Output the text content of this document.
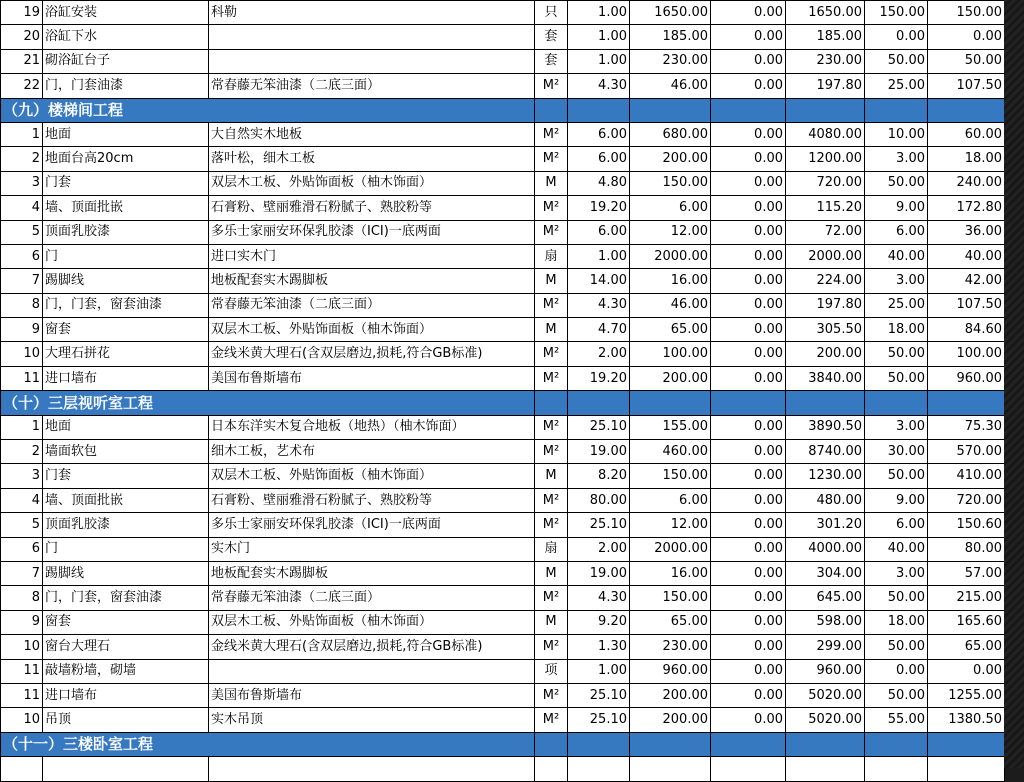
19	浴缸安装	科勒	只	1.00	1650.00	0.00	1650.00	150.00	150.00
20	浴缸下水		套	1.00	185.00	0.00	185.00	0.00	0.00
21	砌浴缸台子		套	1.00	230.00	0.00	230.00	50.00	50.00
22	门，门套油漆	常春藤无笨油漆（二底三面）	M²	4.30	46.00	0.00	197.80	25.00	107.50
（九）楼梯间工程									
1	地面	大自然实木地板	M²	6.00	680.00	0.00	4080.00	10.00	60.00
2	地面台高20cm	落叶松，细木工板	M²	6.00	200.00	0.00	1200.00	3.00	18.00
3	门套	双层木工板、外贴饰面板（柚木饰面）	M	4.80	150.00	0.00	720.00	50.00	240.00
4	墙、顶面批嵌	石膏粉、壁丽雅滑石粉腻子、熟胶粉等	M²	19.20	6.00	0.00	115.20	9.00	172.80
5	顶面乳胶漆	多乐士家丽安环保乳胶漆（ICI)一底两面	M²	6.00	12.00	0.00	72.00	6.00	36.00
6	门	进口实木门	扇	1.00	2000.00	0.00	2000.00	40.00	40.00
7	踢脚线	地板配套实木踢脚板	M	14.00	16.00	0.00	224.00	3.00	42.00
8	门，门套，窗套油漆	常春藤无笨油漆（二底三面）	M²	4.30	46.00	0.00	197.80	25.00	107.50
9	窗套	双层木工板、外贴饰面板（柚木饰面）	M	4.70	65.00	0.00	305.50	18.00	84.60
10	大理石拼花	金线米黄大理石(含双层磨边,损耗,符合GB标准)	M²	2.00	100.00	0.00	200.00	50.00	100.00
11	进口墙布	美国布鲁斯墙布	M²	19.20	200.00	0.00	3840.00	50.00	960.00
（十）三层视听室工程									
1	地面	日本东洋实木复合地板（地热）（柚木饰面）	M²	25.10	155.00	0.00	3890.50	3.00	75.30
2	墙面软包	细木工板，艺术布	M²	19.00	460.00	0.00	8740.00	30.00	570.00
3	门套	双层木工板、外贴饰面板（柚木饰面）	M	8.20	150.00	0.00	1230.00	50.00	410.00
4	墙、顶面批嵌	石膏粉、壁丽雅滑石粉腻子、熟胶粉等	M²	80.00	6.00	0.00	480.00	9.00	720.00
5	顶面乳胶漆	多乐士家丽安环保乳胶漆（ICI)一底两面	M²	25.10	12.00	0.00	301.20	6.00	150.60
6	门	实木门	扇	2.00	2000.00	0.00	4000.00	40.00	80.00
7	踢脚线	地板配套实木踢脚板	M	19.00	16.00	0.00	304.00	3.00	57.00
8	门，门套，窗套油漆	常春藤无笨油漆（二底三面）	M²	4.30	150.00	0.00	645.00	50.00	215.00
9	窗套	双层木工板、外贴饰面板（柚木饰面）	M	9.20	65.00	0.00	598.00	18.00	165.60
10	窗台大理石	金线米黄大理石(含双层磨边,损耗,符合GB标准)	M²	1.30	230.00	0.00	299.00	50.00	65.00
11	敲墙粉墙，砌墙		项	1.00	960.00	0.00	960.00	0.00	0.00
11	进口墙布	美国布鲁斯墙布	M²	25.10	200.00	0.00	5020.00	50.00	1255.00
10	吊顶	实木吊顶	M²	25.10	200.00	0.00	5020.00	55.00	1380.50
（十一）三楼卧室工程									
